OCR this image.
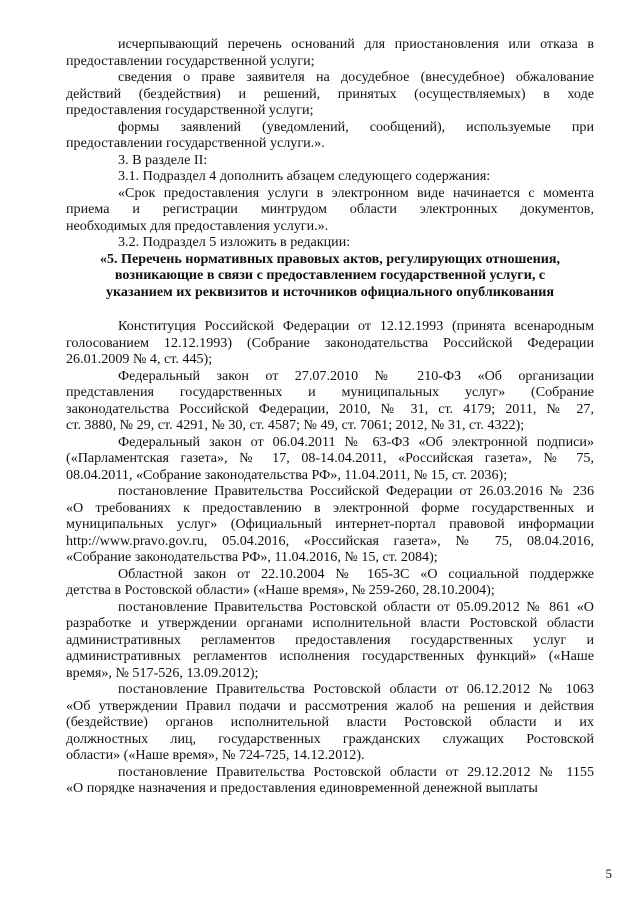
исчерпывающий перечень оснований для приостановления или отказа в
предоставлении государственной услуги;
сведения о праве заявителя на досудебное (внесудебное) обжалование
действий (бездействия) и решений, принятых (осуществляемых) в ходе
предоставления государственной услуги;
формы заявлений (уведомлений, сообщений), используемые при
предоставлении государственной услуги.».
3. В разделе II:
3.1. Подраздел 4 дополнить абзацем следующего содержания:
«Срок предоставления услуги в электронном виде начинается с момента
приема и регистрации минтрудом области электронных документов,
необходимых для предоставления услуги.».
3.2. Подраздел 5 изложить в редакции:
«5. Перечень нормативных правовых актов, регулирующих отношения,
возникающие в связи с предоставлением государственной услуги, с
указанием их реквизитов и источников официального опубликования
Конституция Российской Федерации от 12.12.1993 (принята всенародным
голосованием 12.12.1993) (Собрание законодательства Российской Федерации
26.01.2009 № 4, ст. 445);
Федеральный закон от 27.07.2010 № 210-ФЗ «Об организации
представления государственных и муниципальных услуг» (Собрание
законодательства Российской Федерации, 2010, № 31, ст. 4179; 2011, № 27,
ст. 3880, № 29, ст. 4291, № 30, ст. 4587; № 49, ст. 7061; 2012, № 31, ст. 4322);
Федеральный закон от 06.04.2011 № 63-ФЗ «Об электронной подписи»
(«Парламентская газета», № 17, 08-14.04.2011, «Российская газета», № 75,
08.04.2011, «Собрание законодательства РФ», 11.04.2011, № 15, ст. 2036);
постановление Правительства Российской Федерации от 26.03.2016 № 236
«О требованиях к предоставлению в электронной форме государственных и
муниципальных услуг» (Официальный интернет-портал правовой информации
http://www.pravo.gov.ru, 05.04.2016, «Российская газета», № 75, 08.04.2016,
«Собрание законодательства РФ», 11.04.2016, № 15, ст. 2084);
Областной закон от 22.10.2004 № 165-ЗС «О социальной поддержке
детства в Ростовской области» («Наше время», № 259-260, 28.10.2004);
постановление Правительства Ростовской области от 05.09.2012 № 861 «О
разработке и утверждении органами исполнительной власти Ростовской области
административных регламентов предоставления государственных услуг и
административных регламентов исполнения государственных функций» («Наше
время», № 517-526, 13.09.2012);
постановление Правительства Ростовской области от 06.12.2012 № 1063
«Об утверждении Правил подачи и рассмотрения жалоб на решения и действия
(бездействие) органов исполнительной власти Ростовской области и их
должностных лиц, государственных гражданских служащих Ростовской
области» («Наше время», № 724-725, 14.12.2012).
постановление Правительства Ростовской области от 29.12.2012 № 1155
«О порядке назначения и предоставления единовременной денежной выплаты
5
